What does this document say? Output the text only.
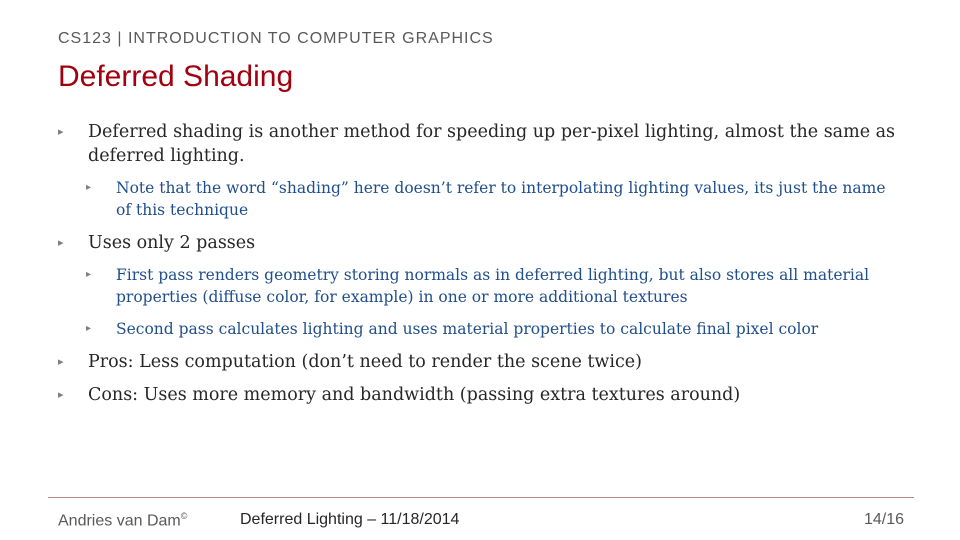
CS123 | INTRODUCTION TO COMPUTER GRAPHICS
Deferred Shading
▸ Deferred shading is another method for speeding up per-pixel lighting, almost the same as deferred lighting.
▸ Note that the word “shading” here doesn’t refer to interpolating lighting values, its just the name of this technique
▸ Uses only 2 passes
▸ First pass renders geometry storing normals as in deferred lighting, but also stores all material properties (diffuse color, for example) in one or more additional textures
▸ Second pass calculates lighting and uses material properties to calculate final pixel color
▸ Pros: Less computation (don’t need to render the scene twice)
▸ Cons: Uses more memory and bandwidth (passing extra textures around)
Andries van Dam©	Deferred Lighting – 11/18/2014	14/16
